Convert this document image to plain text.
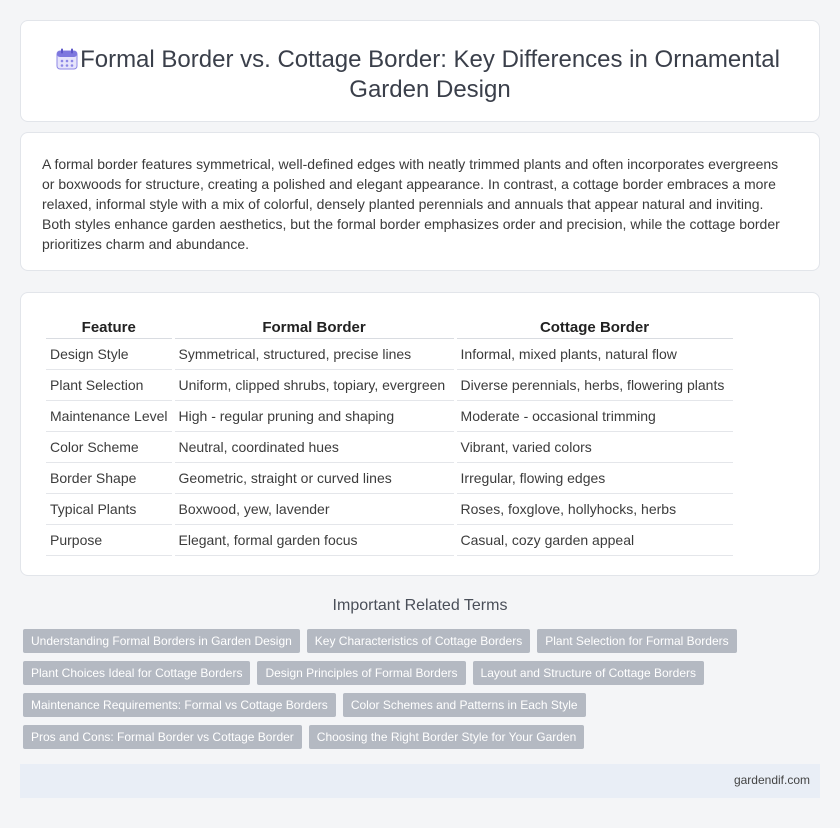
Formal Border vs. Cottage Border: Key Differences in Ornamental Garden Design

A formal border features symmetrical, well-defined edges with neatly trimmed plants and often incorporates evergreens or boxwoods for structure, creating a polished and elegant appearance. In contrast, a cottage border embraces a more relaxed, informal style with a mix of colorful, densely planted perennials and annuals that appear natural and inviting. Both styles enhance garden aesthetics, but the formal border emphasizes order and precision, while the cottage border prioritizes charm and abundance.

Feature	Formal Border	Cottage Border
Design Style	Symmetrical, structured, precise lines	Informal, mixed plants, natural flow
Plant Selection	Uniform, clipped shrubs, topiary, evergreen	Diverse perennials, herbs, flowering plants
Maintenance Level	High - regular pruning and shaping	Moderate - occasional trimming
Color Scheme	Neutral, coordinated hues	Vibrant, varied colors
Border Shape	Geometric, straight or curved lines	Irregular, flowing edges
Typical Plants	Boxwood, yew, lavender	Roses, foxglove, hollyhocks, herbs
Purpose	Elegant, formal garden focus	Casual, cozy garden appeal
Important Related Terms
Understanding Formal Borders in Garden Design	Key Characteristics of Cottage Borders	Plant Selection for Formal Borders
Plant Choices Ideal for Cottage Borders	Design Principles of Formal Borders	Layout and Structure of Cottage Borders
Maintenance Requirements: Formal vs Cottage Borders	Color Schemes and Patterns in Each Style
Pros and Cons: Formal Border vs Cottage Border	Choosing the Right Border Style for Your Garden
gardendif.com
